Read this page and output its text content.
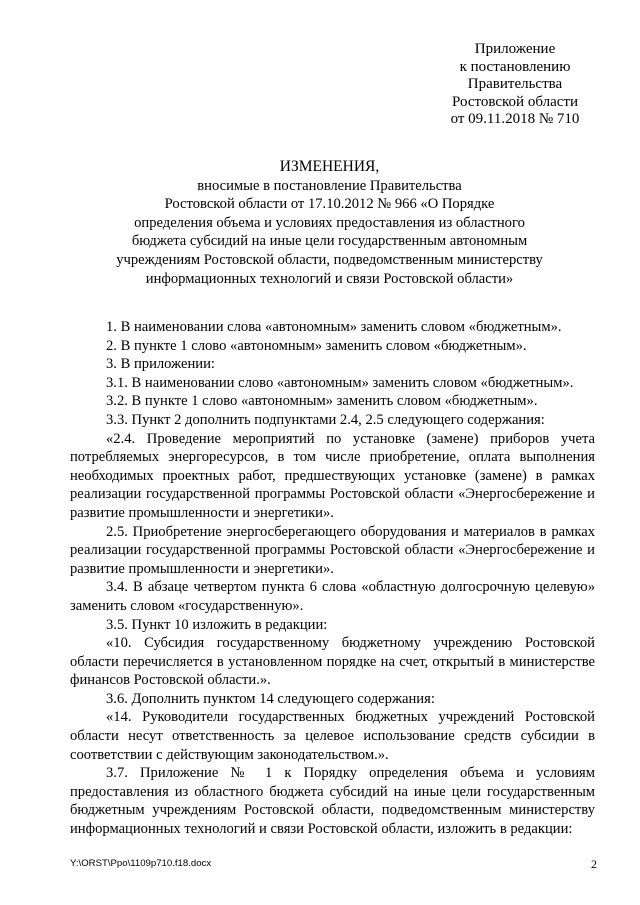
Приложение
к постановлению
Правительства
Ростовской области
от 09.11.2018 № 710
ИЗМЕНЕНИЯ,
вносимые в постановление Правительства
Ростовской области от 17.10.2012 № 966 «О Порядке
определения объема и условиях предоставления из областного
бюджета субсидий на иные цели государственным автономным
учреждениям Ростовской области, подведомственным министерству
информационных технологий и связи Ростовской области»

1. В наименовании слова «автономным» заменить словом «бюджетным».

2. В пункте 1 слово «автономным» заменить словом «бюджетным».

3. В приложении:

3.1. В наименовании слово «автономным» заменить словом «бюджетным».

3.2. В пункте 1 слово «автономным» заменить словом «бюджетным».

3.3. Пункт 2 дополнить подпунктами 2.4, 2.5 следующего содержания:

«2.4. Проведение мероприятий по установке (замене) приборов учета потребляемых энергоресурсов, в том числе приобретение, оплата выполнения необходимых проектных работ, предшествующих установке (замене) в рамках реализации государственной программы Ростовской области «Энергосбережение и развитие промышленности и энергетики».

2.5. Приобретение энергосберегающего оборудования и материалов в рамках реализации государственной программы Ростовской области «Энергосбережение и развитие промышленности и энергетики».

3.4. В абзаце четвертом пункта 6 слова «областную долгосрочную целевую» заменить словом «государственную».

3.5. Пункт 10 изложить в редакции:

«10. Субсидия государственному бюджетному учреждению Ростовской области перечисляется в установленном порядке на счет, открытый в министерстве финансов Ростовской области.».

3.6. Дополнить пунктом 14 следующего содержания:

«14. Руководители государственных бюджетных учреждений Ростовской области несут ответственность за целевое использование средств субсидии в соответствии с действующим законодательством.».

3.7. Приложение № 1 к Порядку определения объема и условиям предоставления из областного бюджета субсидий на иные цели государственным бюджетным учреждениям Ростовской области, подведомственным министерству информационных технологий и связи Ростовской области, изложить в редакции:

Y:\ORST\Ppo\1109p710.f18.docx	2
